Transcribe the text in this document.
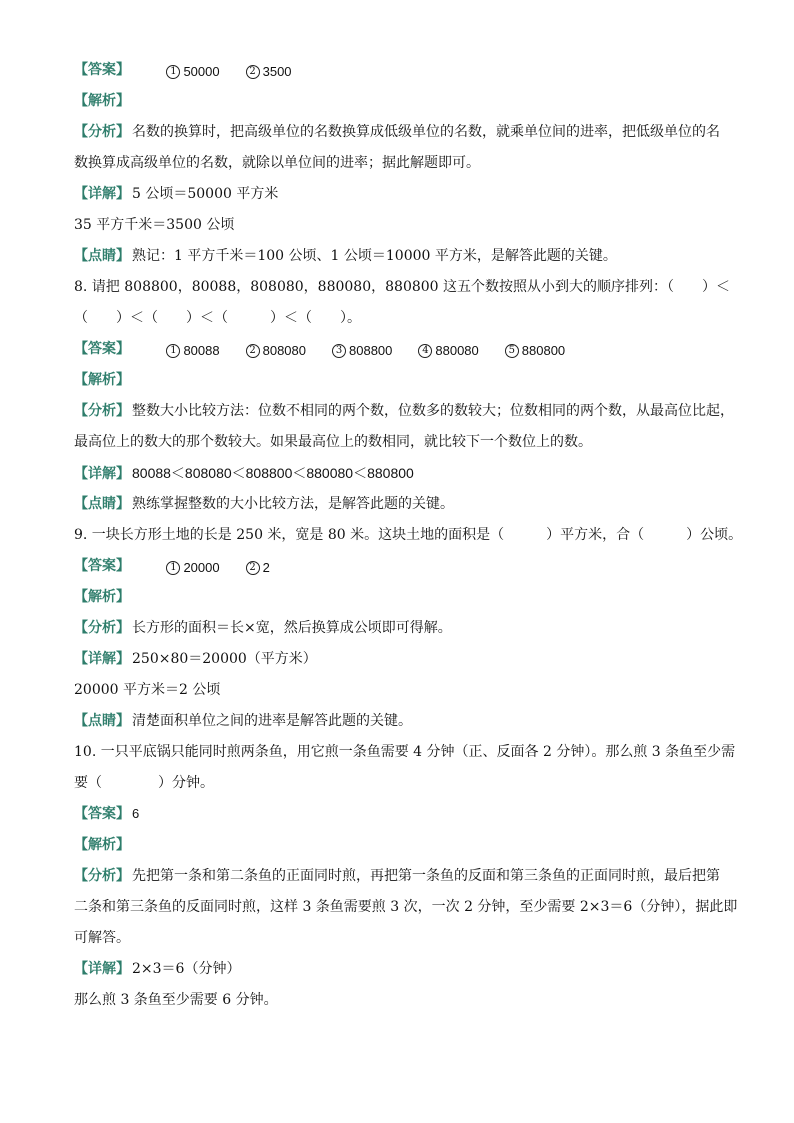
【答案】	1 50000	2 3500
【解析】
【分析】 名数的换算时，把高级单位的名数换算成低级单位的名数，就乘单位间的进率，把低级单位的名
数换算成高级单位的名数，就除以单位间的进率；据此解题即可。
【详解】 5 公顷＝50000 平方米
35 平方千米＝3500 公顷
【点睛】 熟记：1 平方千米＝100 公顷、1 公顷＝10000 平方米，是解答此题的关键。
8. 请把 808800，80088，808080，880080，880800 这五个数按照从小到大的顺序排列：（　　）＜
（　　）＜（　　）＜（　　　）＜（　　）。
【答案】	1 80088	2 808080	3 808800	4 880080	5 880800
【解析】
【分析】 整数大小比较方法：位数不相同的两个数，位数多的数较大；位数相同的两个数，从最高位比起，
最高位上的数大的那个数较大。如果最高位上的数相同，就比较下一个数位上的数。
【详解】 80088＜808080＜808800＜880080＜880800
【点睛】 熟练掌握整数的大小比较方法，是解答此题的关键。
9. 一块长方形土地的长是 250 米，宽是 80 米。这块土地的面积是（　　　）平方米，合（　　　）公顷。
【答案】	1 20000	2 2
【解析】
【分析】 长方形的面积＝长×宽，然后换算成公顷即可得解。
【详解】 250×80＝20000（平方米）
20000 平方米＝2 公顷
【点睛】 清楚面积单位之间的进率是解答此题的关键。
10. 一只平底锅只能同时煎两条鱼，用它煎一条鱼需要 4 分钟（正、反面各 2 分钟）。那么煎 3 条鱼至少需
要（　　　　）分钟。
【答案】 6
【解析】
【分析】 先把第一条和第二条鱼的正面同时煎，再把第一条鱼的反面和第三条鱼的正面同时煎，最后把第
二条和第三条鱼的反面同时煎，这样 3 条鱼需要煎 3 次，一次 2 分钟，至少需要 2×3＝6（分钟），据此即
可解答。
【详解】 2×3＝6（分钟）
那么煎 3 条鱼至少需要 6 分钟。
